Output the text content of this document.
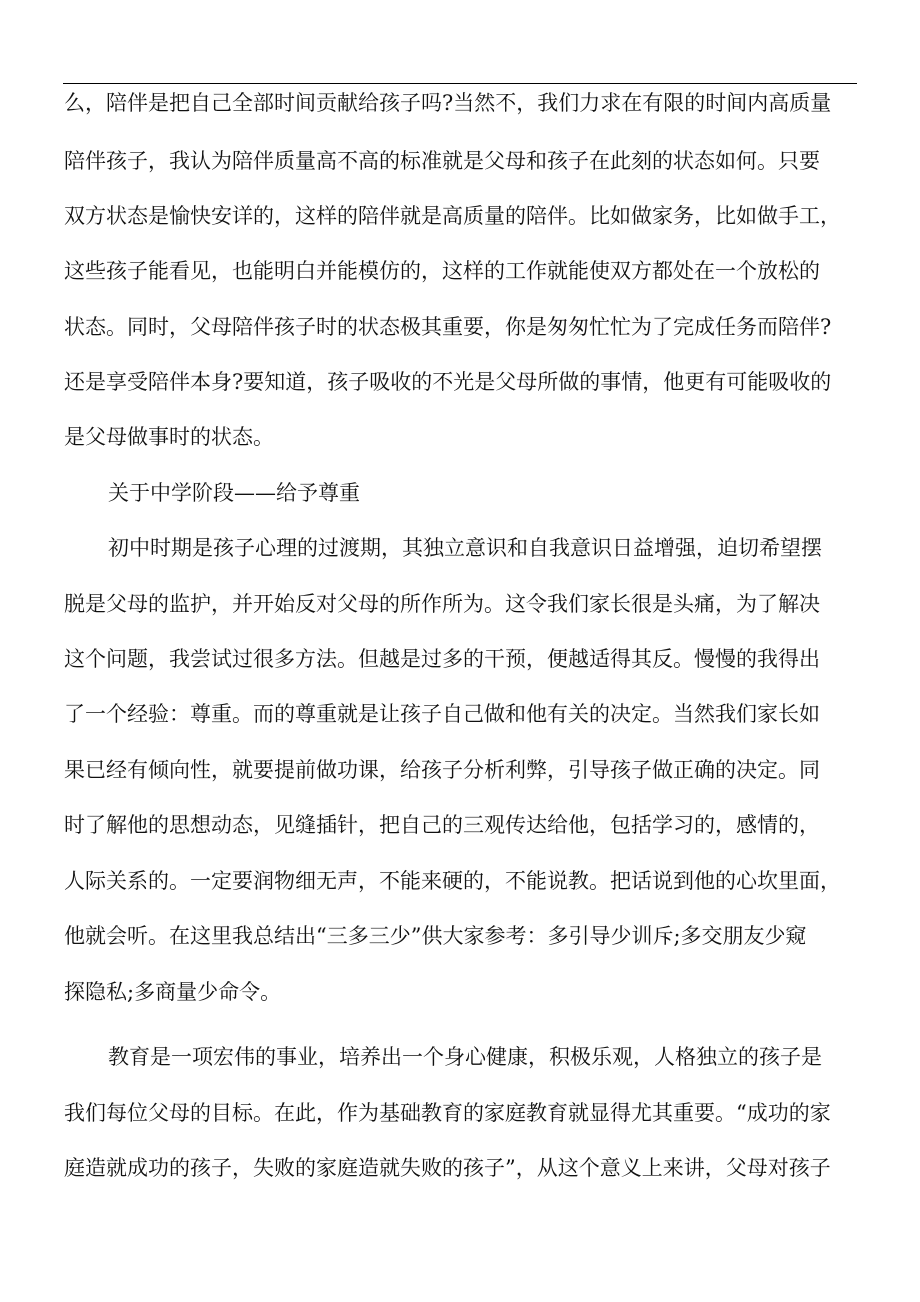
么，陪伴是把自己全部时间贡献给孩子吗?当然不，我们力求在有限的时间内高质量
陪伴孩子，我认为陪伴质量高不高的标准就是父母和孩子在此刻的状态如何。只要
双方状态是愉快安详的，这样的陪伴就是高质量的陪伴。比如做家务，比如做手工，
这些孩子能看见，也能明白并能模仿的，这样的工作就能使双方都处在一个放松的
状态。同时，父母陪伴孩子时的状态极其重要，你是匆匆忙忙为了完成任务而陪伴?
还是享受陪伴本身?要知道，孩子吸收的不光是父母所做的事情，他更有可能吸收的
是父母做事时的状态。
关于中学阶段——给予尊重
初中时期是孩子心理的过渡期，其独立意识和自我意识日益增强，迫切希望摆
脱是父母的监护，并开始反对父母的所作所为。这令我们家长很是头痛，为了解决
这个问题，我尝试过很多方法。但越是过多的干预，便越适得其反。慢慢的我得出
了一个经验：尊重。而的尊重就是让孩子自己做和他有关的决定。当然我们家长如
果已经有倾向性，就要提前做功课，给孩子分析利弊，引导孩子做正确的决定。同
时了解他的思想动态，见缝插针，把自己的三观传达给他，包括学习的，感情的，
人际关系的。一定要润物细无声，不能来硬的，不能说教。把话说到他的心坎里面，
他就会听。在这里我总结出“三多三少”供大家参考：多引导少训斥;多交朋友少窥
探隐私;多商量少命令。
教育是一项宏伟的事业，培养出一个身心健康，积极乐观，人格独立的孩子是
我们每位父母的目标。在此，作为基础教育的家庭教育就显得尤其重要。“成功的家
庭造就成功的孩子，失败的家庭造就失败的孩子”，从这个意义上来讲，父母对孩子
